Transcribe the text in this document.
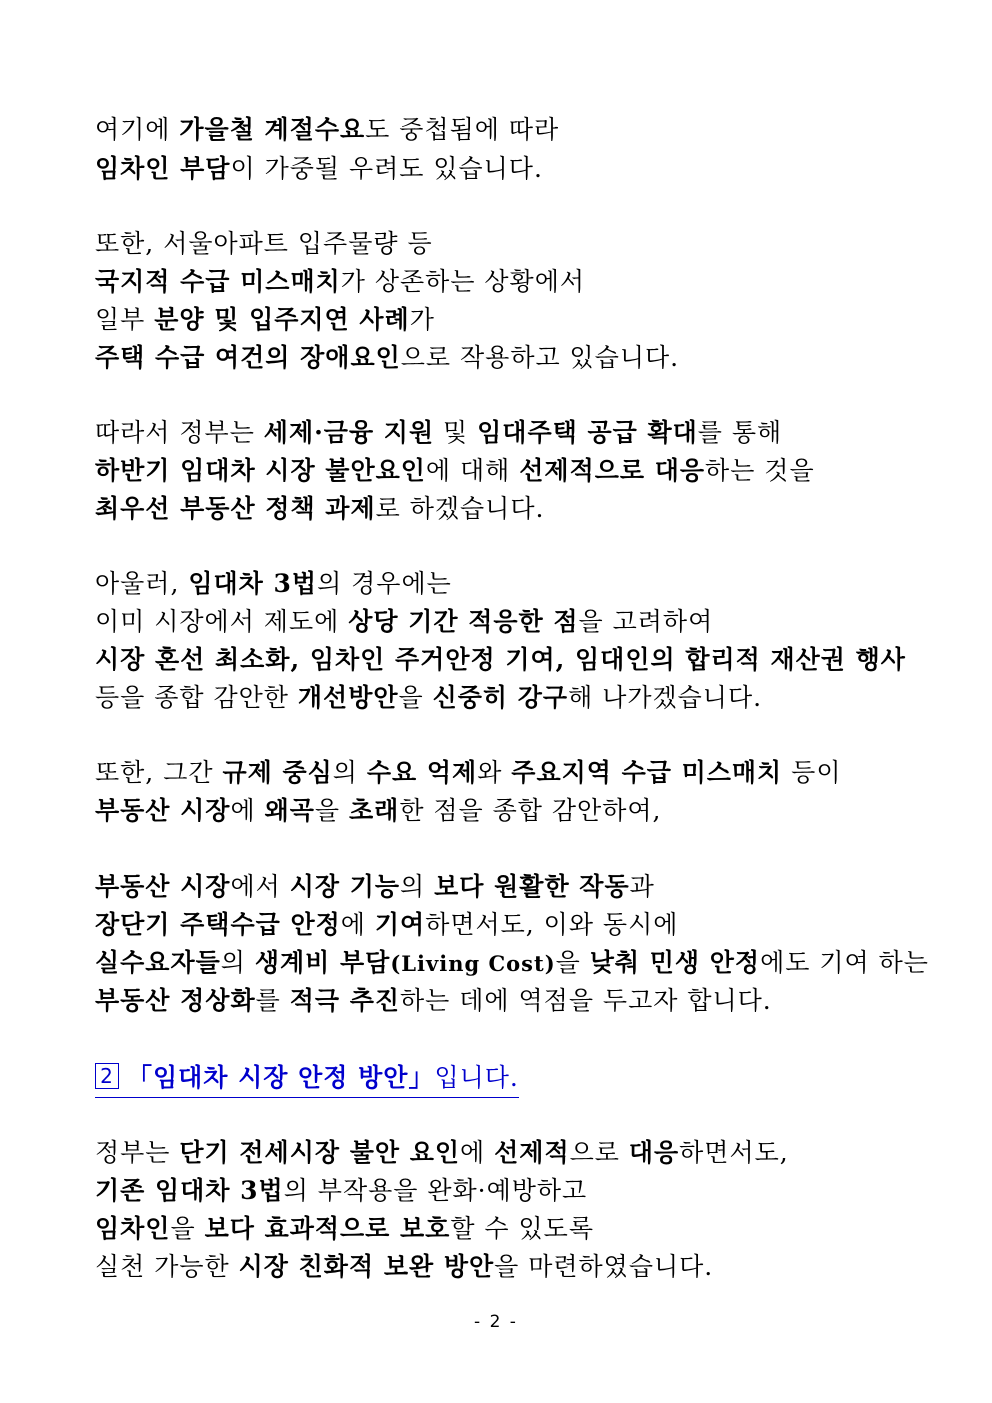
여기에 가을철 계절수요도 중첩됨에 따라
임차인 부담이 가중될 우려도 있습니다.
또한, 서울아파트 입주물량 등
국지적 수급 미스매치가 상존하는 상황에서
일부 분양 및 입주지연 사례가
주택 수급 여건의 장애요인으로 작용하고 있습니다.
따라서 정부는 세제·금융 지원 및 임대주택 공급 확대를 통해
하반기 임대차 시장 불안요인에 대해 선제적으로 대응하는 것을
최우선 부동산 정책 과제로 하겠습니다.
아울러, 임대차 3법의 경우에는
이미 시장에서 제도에 상당 기간 적응한 점을 고려하여
시장 혼선 최소화, 임차인 주거안정 기여, 임대인의 합리적 재산권 행사
등을 종합 감안한 개선방안을 신중히 강구해 나가겠습니다.
또한, 그간 규제 중심의 수요 억제와 주요지역 수급 미스매치 등이
부동산 시장에 왜곡을 초래한 점을 종합 감안하여,
부동산 시장에서 시장 기능의 보다 원활한 작동과
장단기 주택수급 안정에 기여하면서도, 이와 동시에
실수요자들의 생계비 부담(Living Cost)을 낮춰 민생 안정에도 기여 하는
부동산 정상화를 적극 추진하는 데에 역점을 두고자 합니다.
정부는 단기 전세시장 불안 요인에 선제적으로 대응하면서도,
기존 임대차 3법의 부작용을 완화·예방하고
임차인을 보다 효과적으로 보호할 수 있도록
실천 가능한 시장 친화적 보완 방안을 마련하였습니다.
2 「임대차 시장 안정 방안」입니다.
- 2 -
